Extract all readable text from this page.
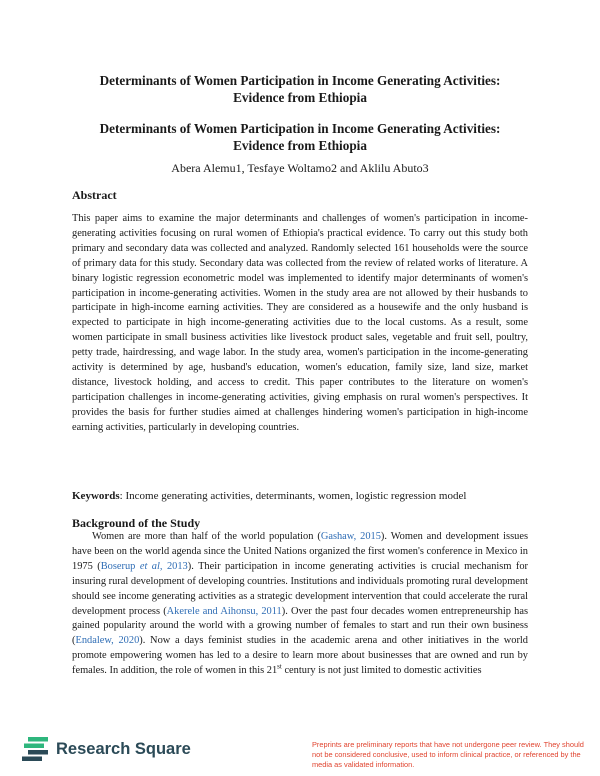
Determinants of Women Participation in Income Generating Activities:
Evidence from Ethiopia
Determinants of Women Participation in Income Generating Activities:
Evidence from Ethiopia

Abera Alemu1, Tesfaye Woltamo2 and Aklilu Abuto3

Abstract

This paper aims to examine the major determinants and challenges of women's participation in income-generating activities focusing on rural women of Ethiopia's practical evidence. To carry out this study both primary and secondary data was collected and analyzed. Randomly selected 161 households were the source of primary data for this study. Secondary data was collected from the review of related works of literature. A binary logistic regression econometric model was implemented to identify major determinants of women's participation in income-generating activities. Women in the study area are not allowed by their husbands to participate in high-income earning activities. They are considered as a housewife and the only husband is expected to participate in high income-generating activities due to the local customs. As a result, some women participate in small business activities like livestock product sales, vegetable and fruit sell, poultry, petty trade, hairdressing, and wage labor. In the study area, women's participation in the income-generating activity is determined by age, husband's education, women's education, family size, land size, market distance, livestock holding, and access to credit. This paper contributes to the literature on women's participation challenges in income-generating activities, giving emphasis on rural women's perspectives. It provides the basis for further studies aimed at challenges hindering women's participation in high-income earning activities, particularly in developing countries.

Keywords: Income generating activities, determinants, women, logistic regression model

Background of the Study

Women are more than half of the world population (Gashaw, 2015). Women and development issues have been on the world agenda since the United Nations organized the first women's conference in Mexico in 1975 (Boserup et al, 2013). Their participation in income generating activities is crucial mechanism for insuring rural development of developing countries. Institutions and individuals promoting rural development should see income generating activities as a strategic development intervention that could accelerate the rural development process (Akerele and Aihonsu, 2011). Over the past four decades women entrepreneurship has gained popularity around the world with a growing number of females to start and run their own business (Endalew, 2020). Now a days feminist studies in the academic arena and other initiatives in the world promote empowering women has led to a desire to learn more about businesses that are owned and run by females. In addition, the role of women in this 21st century is not just limited to domestic activities

Research Square	Preprints are preliminary reports that have not undergone peer review. They should not be considered conclusive, used to inform clinical practice, or referenced by the media as validated information.
